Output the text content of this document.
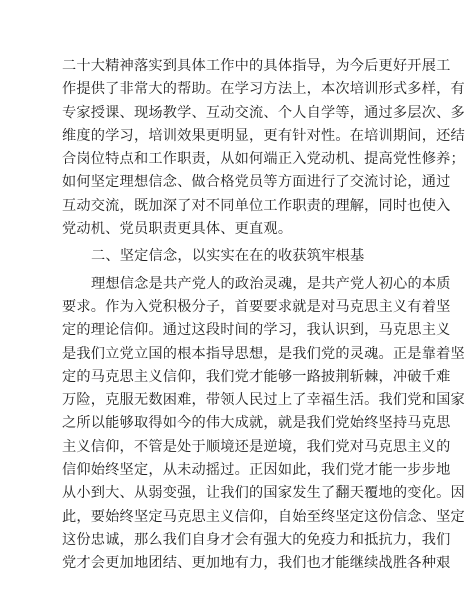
二十大精神落实到具体工作中的具体指导，为今后更好开展工
作提供了非常大的帮助。在学习方法上，本次培训形式多样，有
专家授课、现场教学、互动交流、个人自学等，通过多层次、多
维度的学习，培训效果更明显，更有针对性。在培训期间，还结
合岗位特点和工作职责，从如何端正入党动机、提高党性修养；
如何坚定理想信念、做合格党员等方面进行了交流讨论，通过
互动交流，既加深了对不同单位工作职责的理解，同时也使入
党动机、党员职责更具体、更直观。
二、坚定信念，以实实在在的收获筑牢根基
理想信念是共产党人的政治灵魂，是共产党人初心的本质
要求。作为入党积极分子，首要要求就是对马克思主义有着坚
定的理论信仰。通过这段时间的学习，我认识到，马克思主义
是我们立党立国的根本指导思想，是我们党的灵魂。正是靠着坚
定的马克思主义信仰，我们党才能够一路披荆斩棘，冲破千难
万险，克服无数困难，带领人民过上了幸福生活。我们党和国家
之所以能够取得如今的伟大成就，就是我们党始终坚持马克思
主义信仰，不管是处于顺境还是逆境，我们党对马克思主义的
信仰始终坚定，从未动摇过。正因如此，我们党才能一步步地
从小到大、从弱变强，让我们的国家发生了翻天覆地的变化。因
此，要始终坚定马克思主义信仰，自始至终坚定这份信念、坚定
这份忠诚，那么我们自身才会有强大的免疫力和抵抗力，我们
党才会更加地团结、更加地有力，我们也才能继续战胜各种艰
